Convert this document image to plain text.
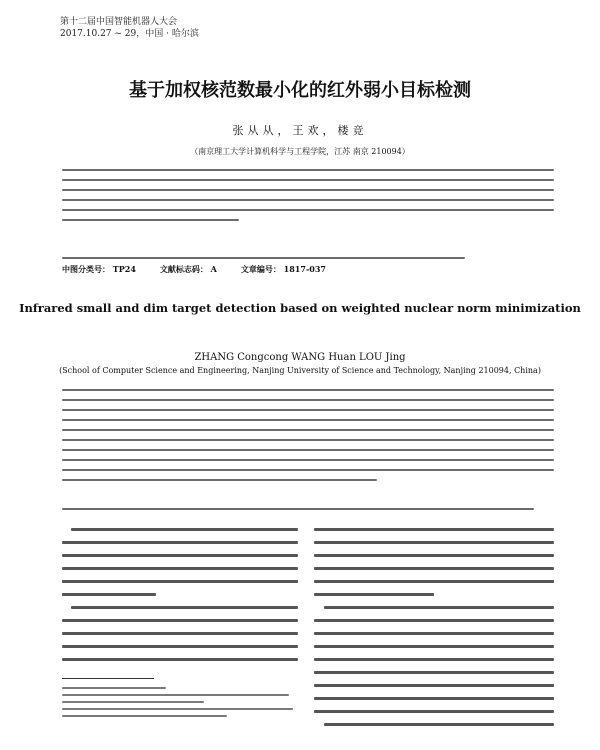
第十二届中国智能机器人大会
2017.10.27 ~ 29，中国 · 哈尔滨
基于加权核范数最小化的红外弱小目标检测
张从从，王欢，楼竞
（南京理工大学计算机科学与工程学院，江苏 南京 210094）
中图分类号： TP24	文献标志码： A	文章编号： 1817-037
Infrared small and dim target detection based on weighted nuclear norm minimization
ZHANG Congcong WANG Huan LOU Jing
(School of Computer Science and Engineering, Nanjing University of Science and Technology, Nanjing 210094, China)
